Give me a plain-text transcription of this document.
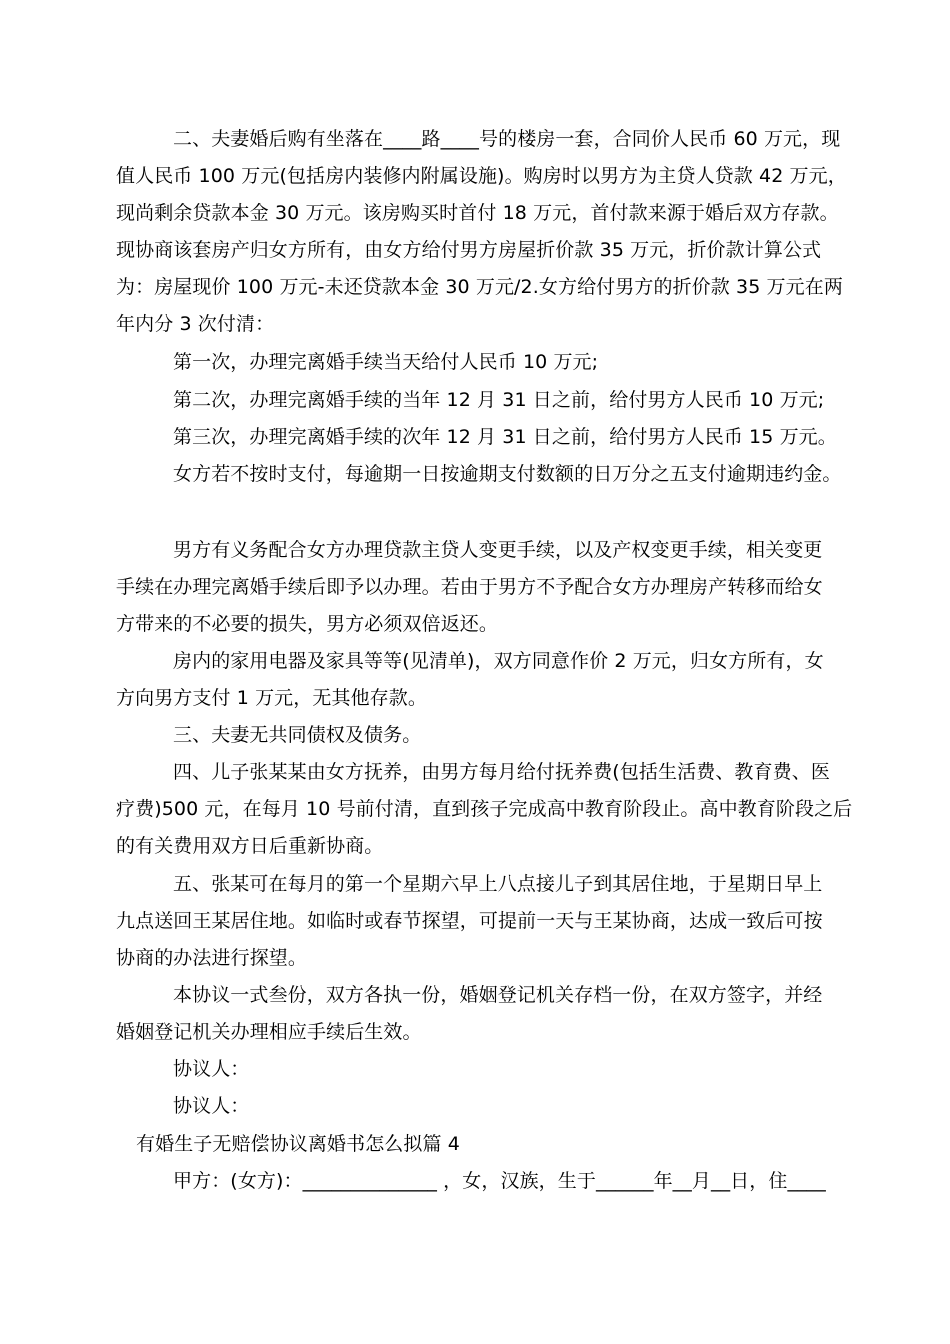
二、夫妻婚后购有坐落在____路____号的楼房一套，合同价人民币 60 万元，现
值人民币 100 万元(包括房内装修内附属设施)。购房时以男方为主贷人贷款 42 万元，
现尚剩余贷款本金 30 万元。该房购买时首付 18 万元，首付款来源于婚后双方存款。
现协商该套房产归女方所有，由女方给付男方房屋折价款 35 万元，折价款计算公式
为：房屋现价 100 万元-未还贷款本金 30 万元/2.女方给付男方的折价款 35 万元在两
年内分 3 次付清：
第一次，办理完离婚手续当天给付人民币 10 万元;
第二次，办理完离婚手续的当年 12 月 31 日之前，给付男方人民币 10 万元;
第三次，办理完离婚手续的次年 12 月 31 日之前，给付男方人民币 15 万元。
女方若不按时支付，每逾期一日按逾期支付数额的日万分之五支付逾期违约金。
男方有义务配合女方办理贷款主贷人变更手续，以及产权变更手续，相关变更
手续在办理完离婚手续后即予以办理。若由于男方不予配合女方办理房产转移而给女
方带来的不必要的损失，男方必须双倍返还。
房内的家用电器及家具等等(见清单)，双方同意作价 2 万元，归女方所有，女
方向男方支付 1 万元，无其他存款。
三、夫妻无共同债权及债务。
四、儿子张某某由女方抚养，由男方每月给付抚养费(包括生活费、教育费、医
疗费)500 元，在每月 10 号前付清，直到孩子完成高中教育阶段止。高中教育阶段之后
的有关费用双方日后重新协商。
五、张某可在每月的第一个星期六早上八点接儿子到其居住地，于星期日早上
九点送回王某居住地。如临时或春节探望，可提前一天与王某协商，达成一致后可按
协商的办法进行探望。
本协议一式叁份，双方各执一份，婚姻登记机关存档一份，在双方签字，并经
婚姻登记机关办理相应手续后生效。
协议人：
协议人：
有婚生子无赔偿协议离婚书怎么拟篇 4
甲方：(女方)：______________ ，女，汉族，生于______年__月__日，住____
